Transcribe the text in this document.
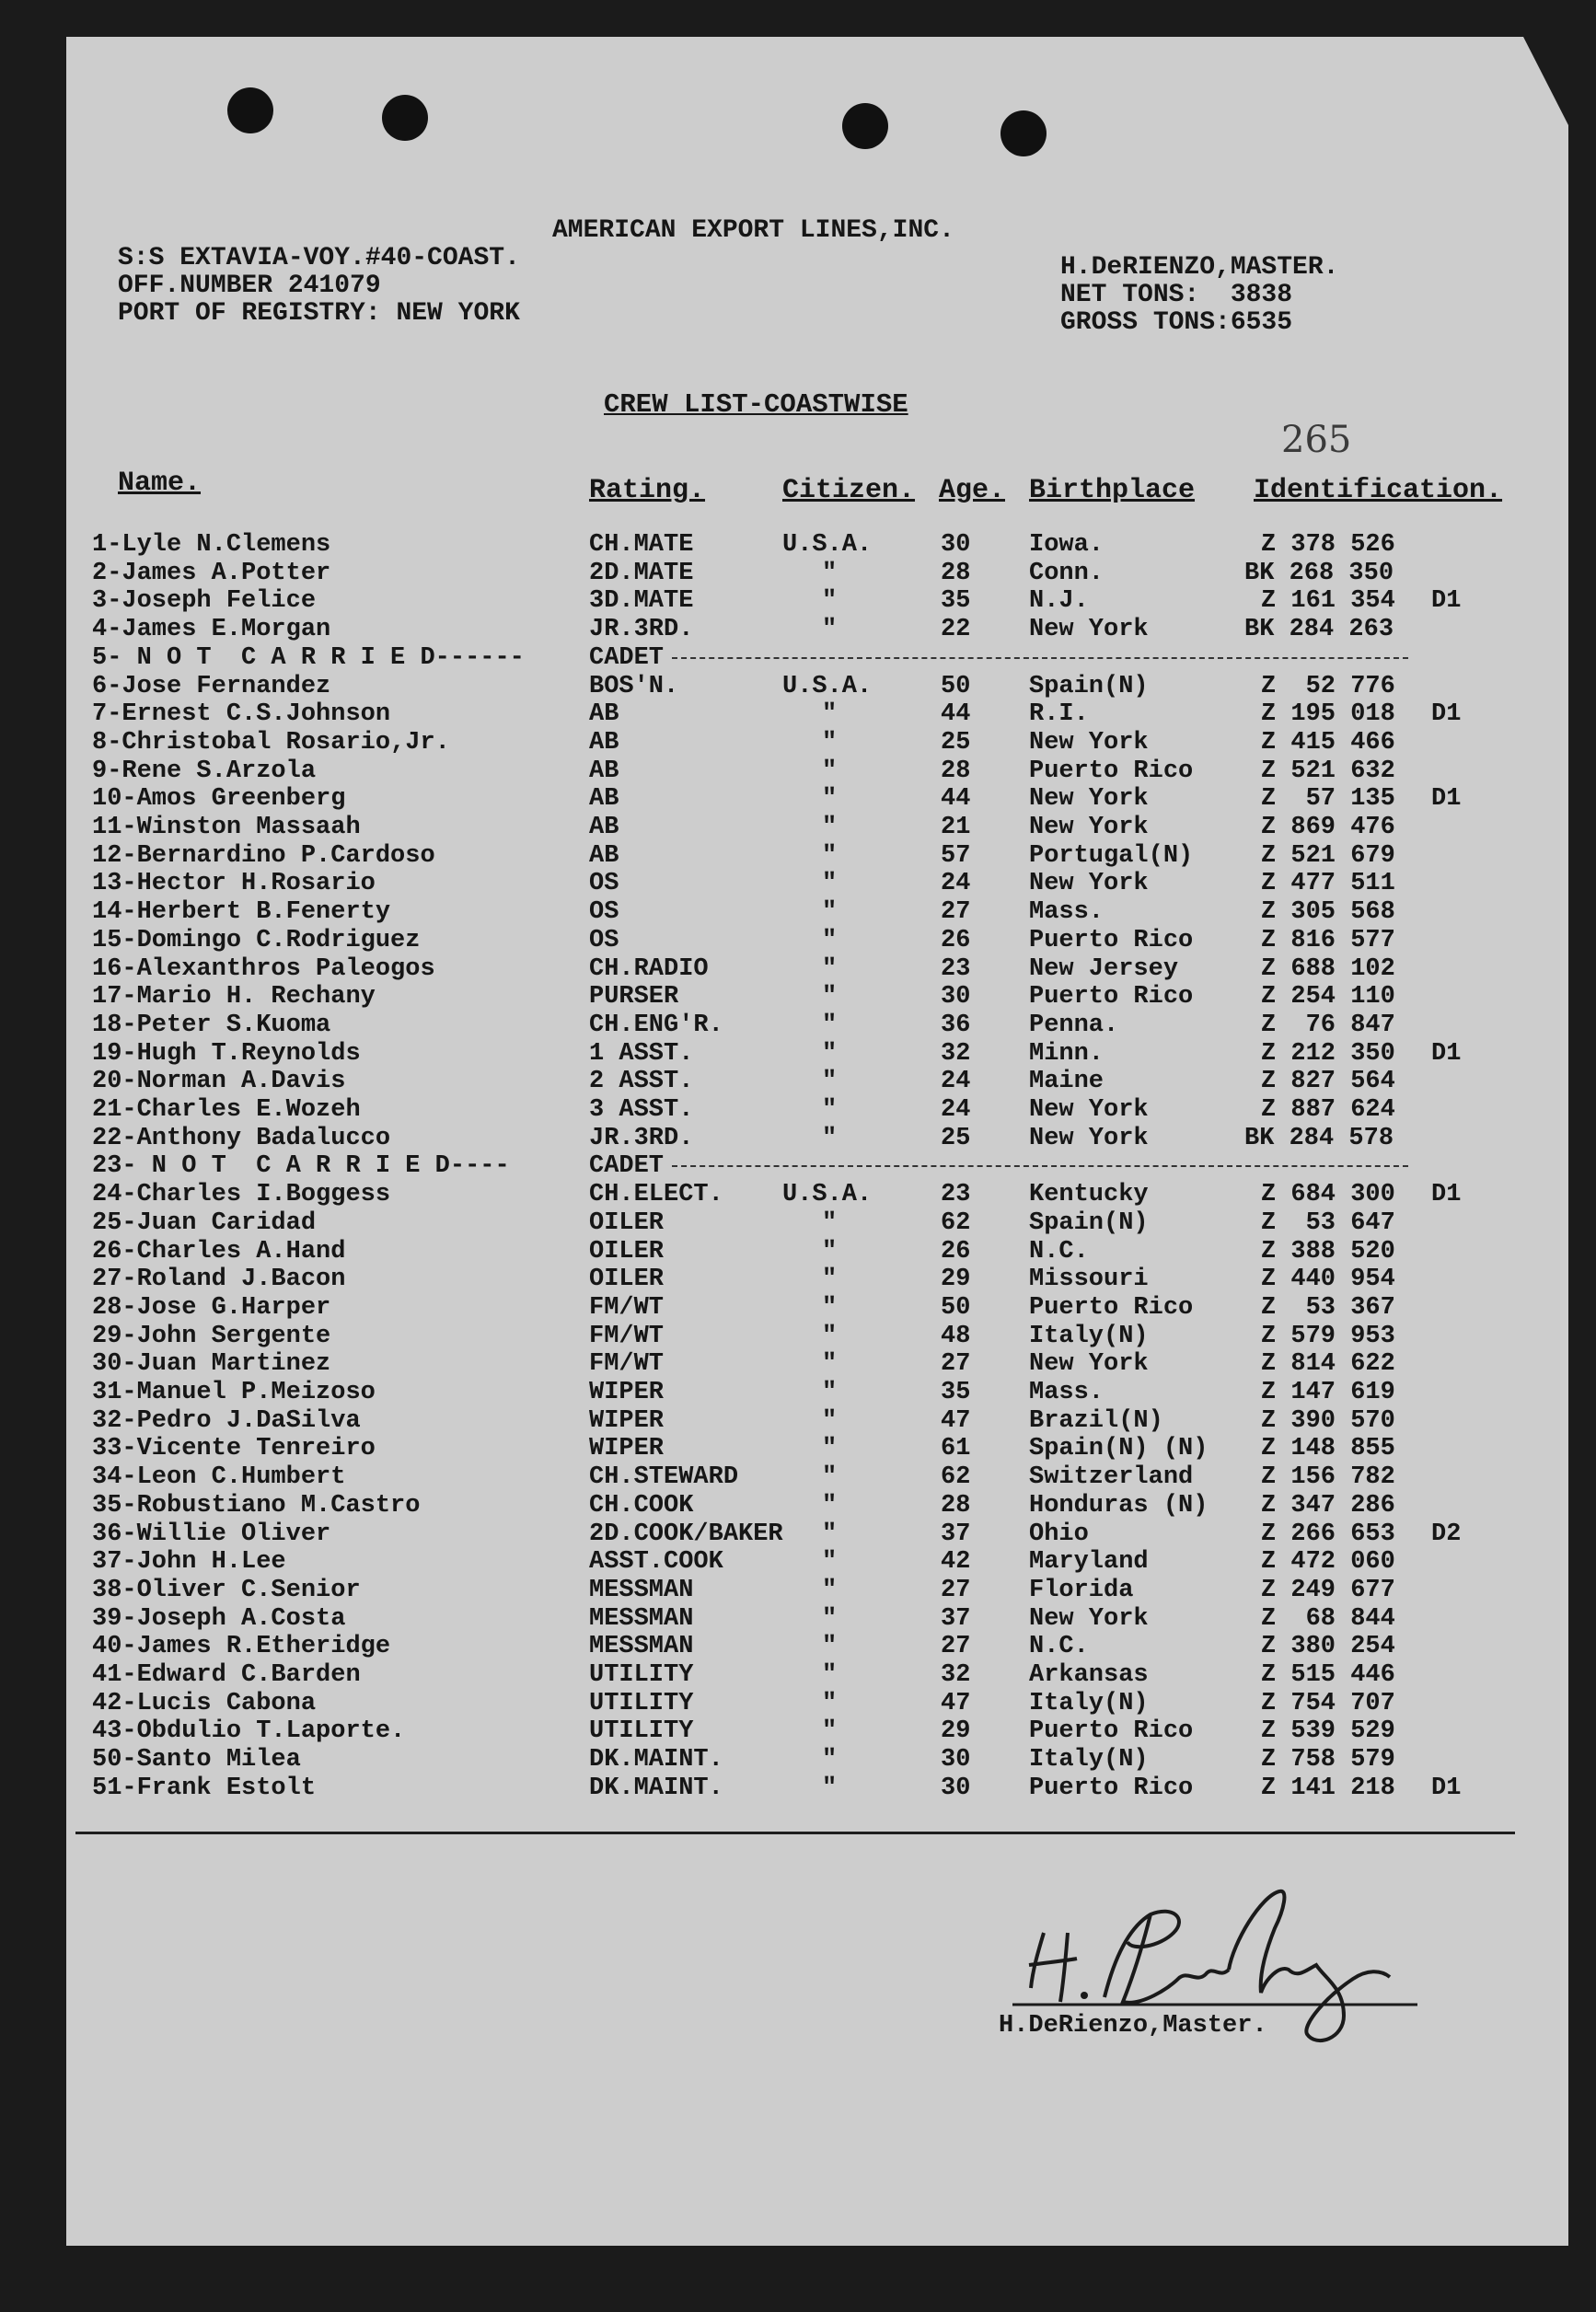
AMERICAN EXPORT LINES,INC.
S:S EXTAVIA-VOY.#40-COAST.
OFF.NUMBER 241079
PORT OF REGISTRY: NEW YORK
H.DeRIENZO,MASTER.
NET TONS:  3838
GROSS TONS:6535
CREW LIST-COASTWISE
265
Name.	Rating.	Citizen. Age. Birthplace Identification.
1-Lyle N.Clemens	CH.MATE	U.S.A.	30 Iowa.	Z 378 526
2-James A.Potter	2D.MATE	"	28 Conn.	BK 268 350
3-Joseph Felice	3D.MATE	"	35 N.J.	Z 161 354 D1
4-James E.Morgan	JR.3RD.	"	22 New York	BK 284 263
5- N O T  C A R R I E D------	CADET
6-Jose Fernandez	BOS'N.	U.S.A.	50 Spain(N)	Z  52 776
7-Ernest C.S.Johnson	AB	"	44 R.I.	Z 195 018 D1
8-Christobal Rosario,Jr.	AB	"	25 New York	Z 415 466
9-Rene S.Arzola	AB	"	28 Puerto Rico	Z 521 632
10-Amos Greenberg	AB	"	44 New York	Z  57 135 D1
11-Winston Massaah	AB	"	21 New York	Z 869 476
12-Bernardino P.Cardoso	AB	"	57 Portugal(N)	Z 521 679
13-Hector H.Rosario	OS	"	24 New York	Z 477 511
14-Herbert B.Fenerty	OS	"	27 Mass.	Z 305 568
15-Domingo C.Rodriguez	OS	"	26 Puerto Rico	Z 816 577
16-Alexanthros Paleogos	CH.RADIO	"	23 New Jersey	Z 688 102
17-Mario H. Rechany	PURSER	"	30 Puerto Rico	Z 254 110
18-Peter S.Kuoma	CH.ENG'R.	"	36 Penna.	Z  76 847
19-Hugh T.Reynolds	1 ASST.	"	32 Minn.	Z 212 350 D1
20-Norman A.Davis	2 ASST.	"	24 Maine	Z 827 564
21-Charles E.Wozeh	3 ASST.	"	24 New York	Z 887 624
22-Anthony Badalucco	JR.3RD.	"	25 New York	BK 284 578
23- N O T  C A R R I E D----	CADET
24-Charles I.Boggess	CH.ELECT. U.S.A.	23 Kentucky	Z 684 300 D1
25-Juan Caridad	OILER	"	62 Spain(N)	Z  53 647
26-Charles A.Hand	OILER	"	26 N.C.	Z 388 520
27-Roland J.Bacon	OILER	"	29 Missouri	Z 440 954
28-Jose G.Harper	FM/WT	"	50 Puerto Rico	Z  53 367
29-John Sergente	FM/WT	"	48 Italy(N)	Z 579 953
30-Juan Martinez	FM/WT	"	27 New York	Z 814 622
31-Manuel P.Meizoso	WIPER	"	35 Mass.	Z 147 619
32-Pedro J.DaSilva	WIPER	"	47 Brazil(N)	Z 390 570
33-Vicente Tenreiro	WIPER	"	61 Spain(N) (N) Z 148 855
34-Leon C.Humbert	CH.STEWARD	"	62 Switzerland	Z 156 782
35-Robustiano M.Castro	CH.COOK	"	28 Honduras (N) Z 347 286
36-Willie Oliver	2D.COOK/BAKER "	37 Ohio	Z 266 653 D2
37-John H.Lee	ASST.COOK	"	42 Maryland	Z 472 060
38-Oliver C.Senior	MESSMAN	"	27 Florida	Z 249 677
39-Joseph A.Costa	MESSMAN	"	37 New York	Z  68 844
40-James R.Etheridge	MESSMAN	"	27 N.C.	Z 380 254
41-Edward C.Barden	UTILITY	"	32 Arkansas	Z 515 446
42-Lucis Cabona	UTILITY	"	47 Italy(N)	Z 754 707
43-Obdulio T.Laporte.	UTILITY	"	29 Puerto Rico	Z 539 529
50-Santo Milea	DK.MAINT.	"	30 Italy(N)	Z 758 579
51-Frank Estolt	DK.MAINT.	"	30 Puerto Rico	Z 141 218 D1
H.DeRienzo,Master.
